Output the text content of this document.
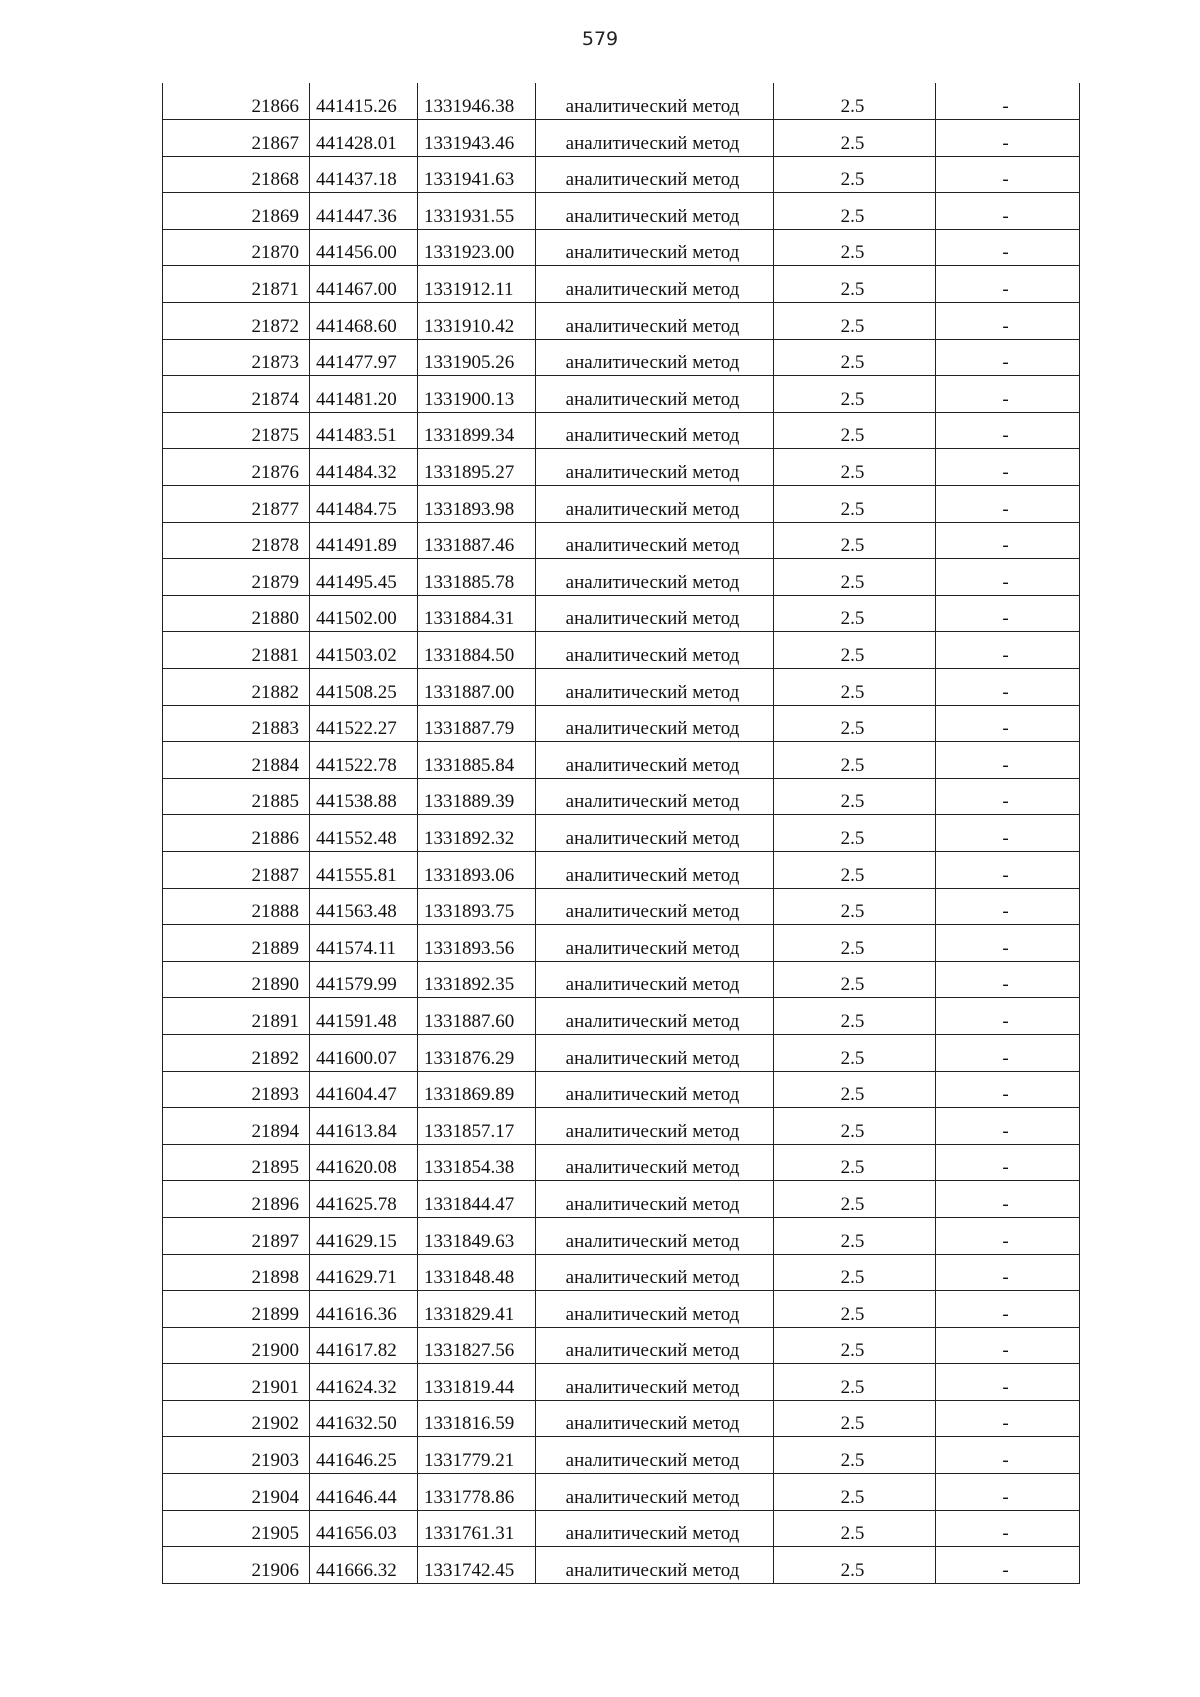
579
21866	441415.26	1331946.38	аналитический метод	2.5	-
21867	441428.01	1331943.46	аналитический метод	2.5	-
21868	441437.18	1331941.63	аналитический метод	2.5	-
21869	441447.36	1331931.55	аналитический метод	2.5	-
21870	441456.00	1331923.00	аналитический метод	2.5	-
21871	441467.00	1331912.11	аналитический метод	2.5	-
21872	441468.60	1331910.42	аналитический метод	2.5	-
21873	441477.97	1331905.26	аналитический метод	2.5	-
21874	441481.20	1331900.13	аналитический метод	2.5	-
21875	441483.51	1331899.34	аналитический метод	2.5	-
21876	441484.32	1331895.27	аналитический метод	2.5	-
21877	441484.75	1331893.98	аналитический метод	2.5	-
21878	441491.89	1331887.46	аналитический метод	2.5	-
21879	441495.45	1331885.78	аналитический метод	2.5	-
21880	441502.00	1331884.31	аналитический метод	2.5	-
21881	441503.02	1331884.50	аналитический метод	2.5	-
21882	441508.25	1331887.00	аналитический метод	2.5	-
21883	441522.27	1331887.79	аналитический метод	2.5	-
21884	441522.78	1331885.84	аналитический метод	2.5	-
21885	441538.88	1331889.39	аналитический метод	2.5	-
21886	441552.48	1331892.32	аналитический метод	2.5	-
21887	441555.81	1331893.06	аналитический метод	2.5	-
21888	441563.48	1331893.75	аналитический метод	2.5	-
21889	441574.11	1331893.56	аналитический метод	2.5	-
21890	441579.99	1331892.35	аналитический метод	2.5	-
21891	441591.48	1331887.60	аналитический метод	2.5	-
21892	441600.07	1331876.29	аналитический метод	2.5	-
21893	441604.47	1331869.89	аналитический метод	2.5	-
21894	441613.84	1331857.17	аналитический метод	2.5	-
21895	441620.08	1331854.38	аналитический метод	2.5	-
21896	441625.78	1331844.47	аналитический метод	2.5	-
21897	441629.15	1331849.63	аналитический метод	2.5	-
21898	441629.71	1331848.48	аналитический метод	2.5	-
21899	441616.36	1331829.41	аналитический метод	2.5	-
21900	441617.82	1331827.56	аналитический метод	2.5	-
21901	441624.32	1331819.44	аналитический метод	2.5	-
21902	441632.50	1331816.59	аналитический метод	2.5	-
21903	441646.25	1331779.21	аналитический метод	2.5	-
21904	441646.44	1331778.86	аналитический метод	2.5	-
21905	441656.03	1331761.31	аналитический метод	2.5	-
21906	441666.32	1331742.45	аналитический метод	2.5	-
